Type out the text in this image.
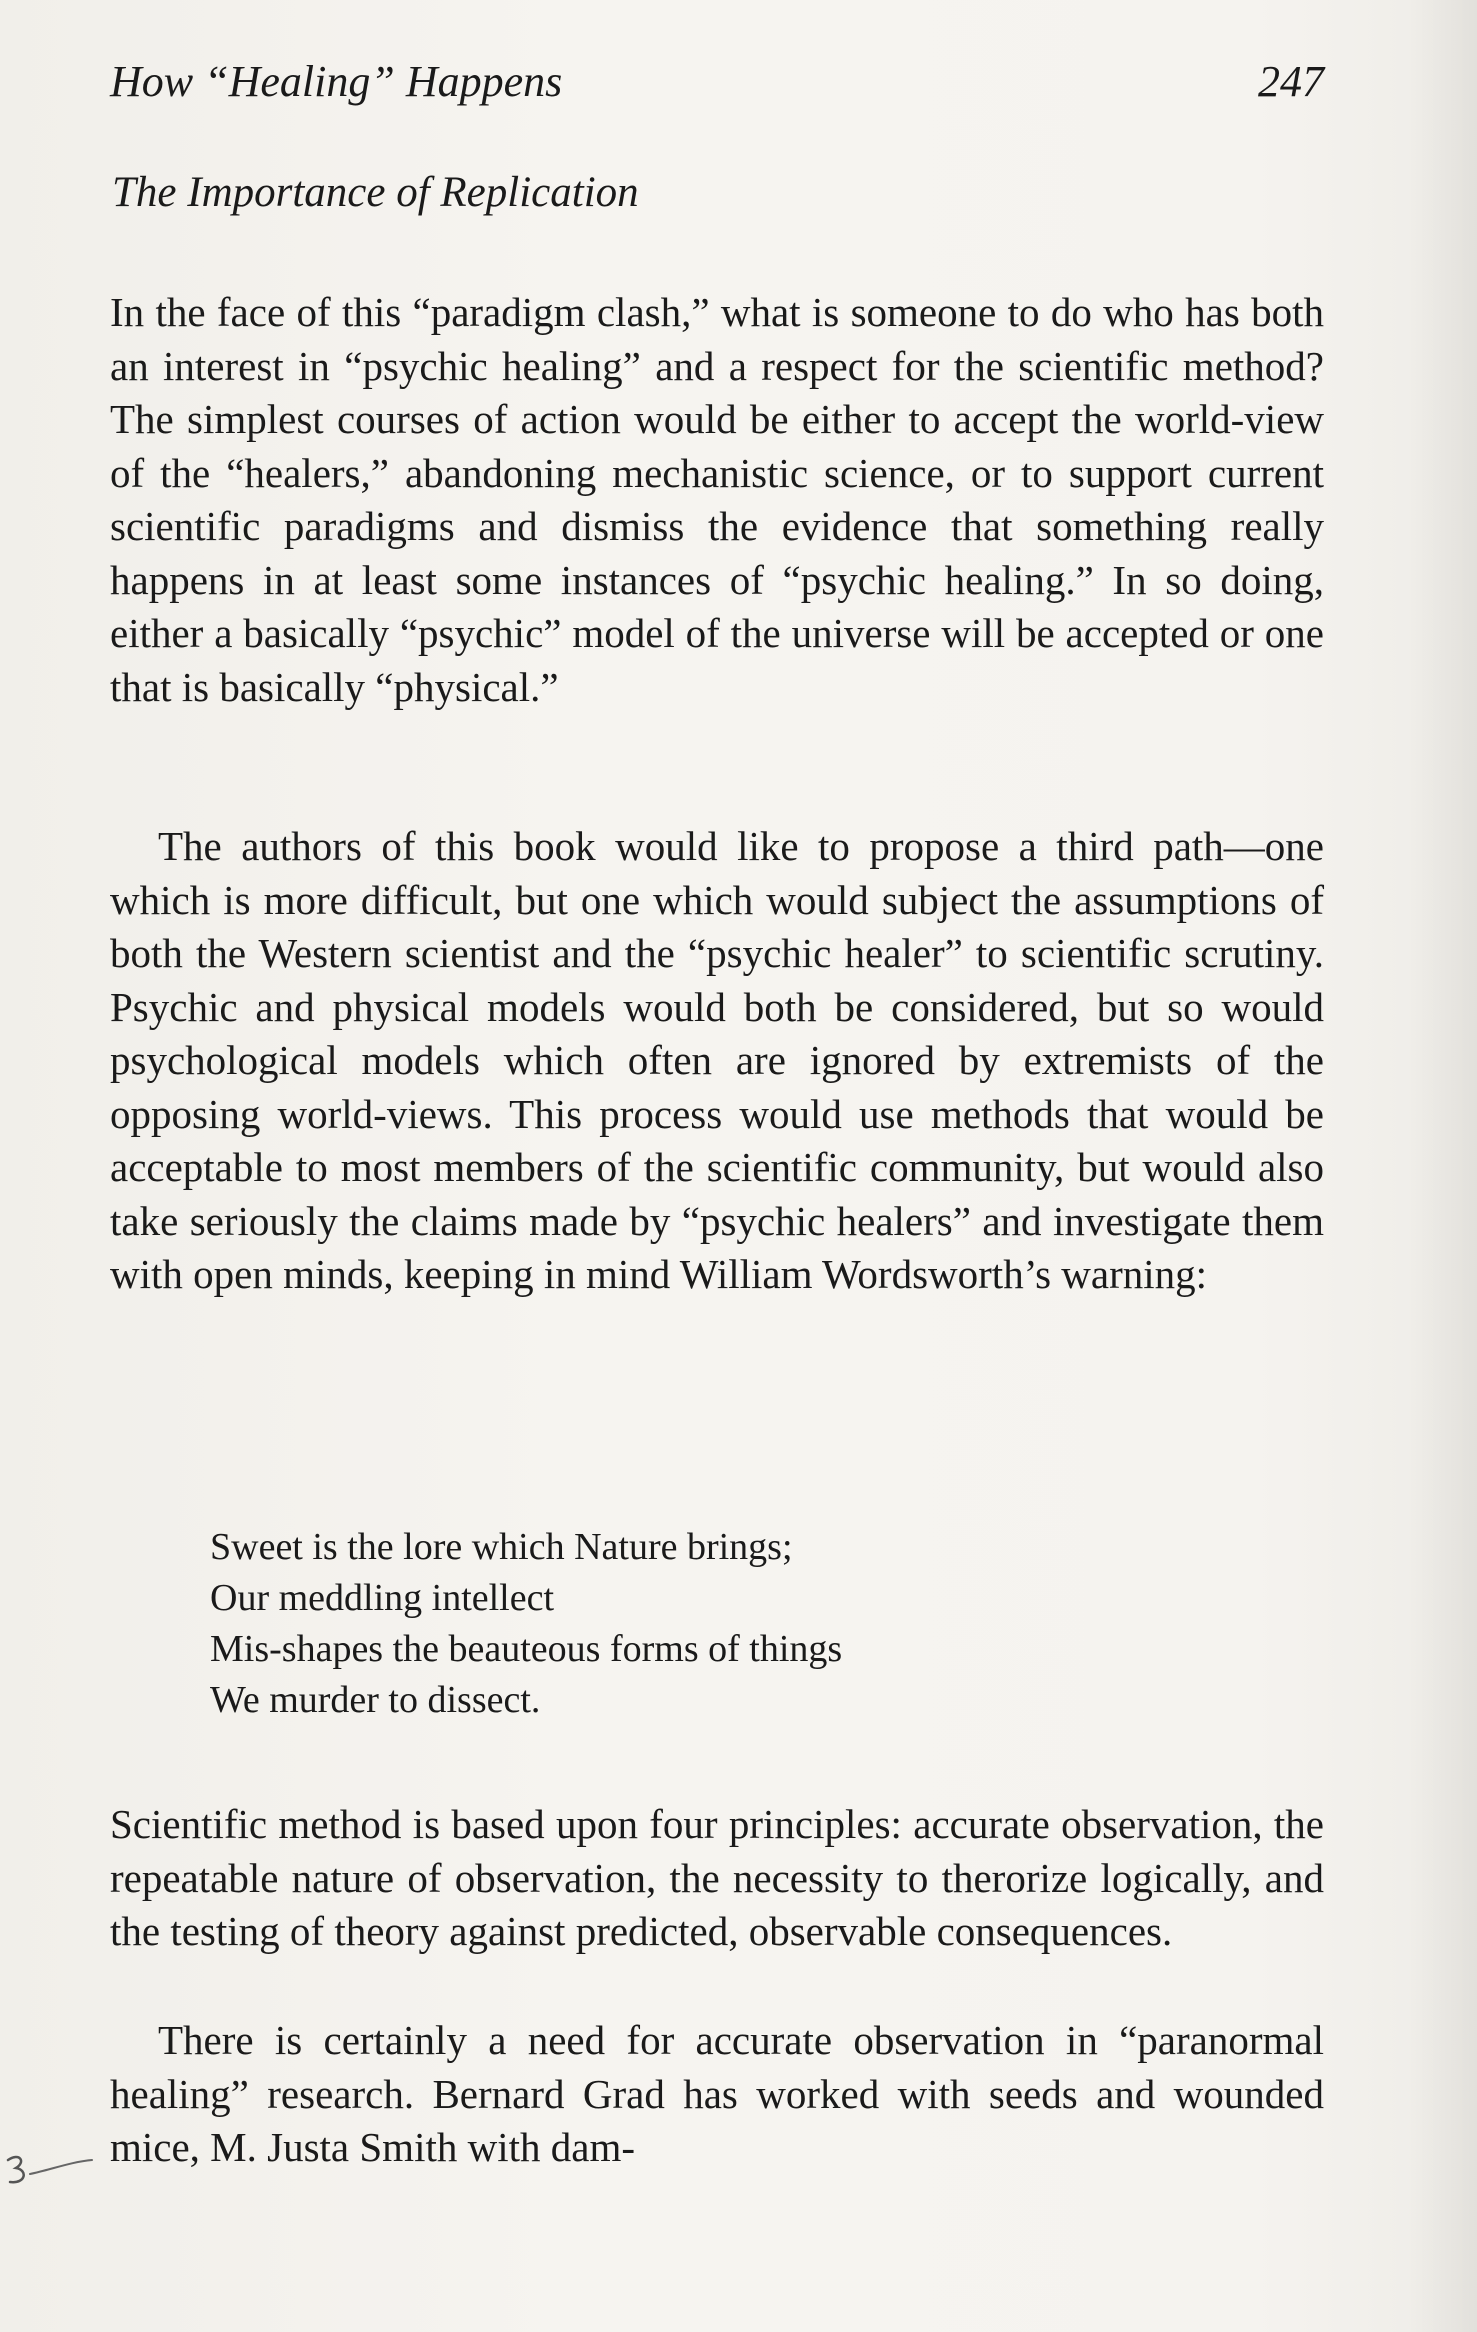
How “Healing” Happens	247
The Importance of Replication

In the face of this “paradigm clash,” what is someone to do who has both an interest in “psychic healing” and a respect for the scientific method? The simplest courses of action would be either to accept the world-view of the “healers,” abandoning mechanistic science, or to support current scientific paradigms and dismiss the evidence that something really happens in at least some instances of “psychic healing.” In so doing, either a basically “psychic” model of the universe will be accepted or one that is basically “physical.”

The authors of this book would like to propose a third path—one which is more difficult, but one which would subject the assumptions of both the Western scientist and the “psychic healer” to scientific scrutiny. Psychic and physical models would both be considered, but so would psychological models which often are ignored by extremists of the opposing world-views. This process would use methods that would be acceptable to most members of the scientific community, but would also take seriously the claims made by “psychic healers” and investigate them with open minds, keeping in mind William Wordsworth’s warning:

Sweet is the lore which Nature brings;
Our meddling intellect
Mis-shapes the beauteous forms of things
We murder to dissect.

Scientific method is based upon four principles: accurate observation, the repeatable nature of observation, the necessity to therorize logically, and the testing of theory against predicted, observable consequences.

There is certainly a need for accurate observation in “paranormal healing” research. Bernard Grad has worked with seeds and wounded mice, M. Justa Smith with dam-
